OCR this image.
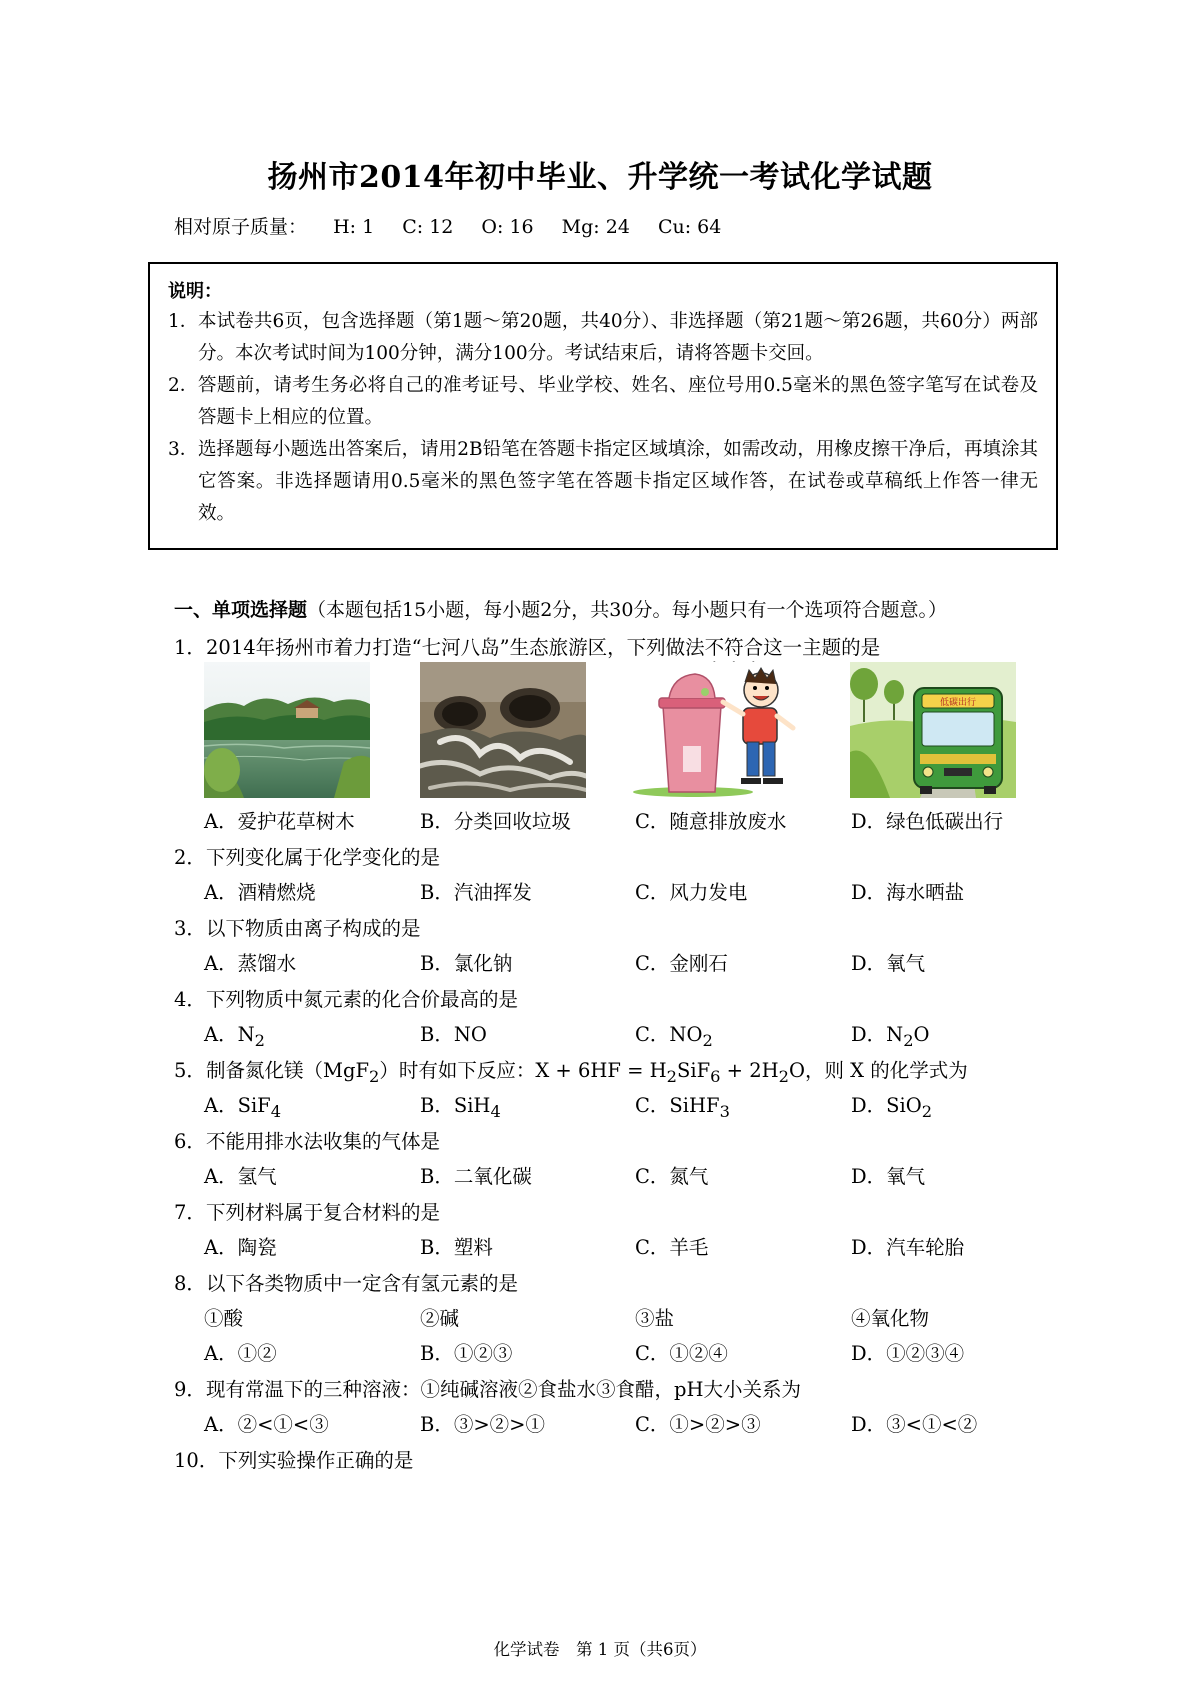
扬州市2014年初中毕业、升学统一考试化学试题
相对原子质量： H: 1 C: 12 O: 16 Mg: 24 Cu: 64
说明：
1． 本试卷共6页，包含选择题（第1题～第20题，共40分）、非选择题（第21题～第26题，共60分）两部分。本次考试时间为100分钟，满分100分。考试结束后，请将答题卡交回。
2． 答题前，请考生务必将自己的准考证号、毕业学校、姓名、座位号用0.5毫米的黑色签字笔写在试卷及答题卡上相应的位置。
3． 选择题每小题选出答案后，请用2B铅笔在答题卡指定区域填涂，如需改动，用橡皮擦干净后，再填涂其它答案。非选择题请用0.5毫米的黑色签字笔在答题卡指定区域作答，在试卷或草稿纸上作答一律无效。
一、单项选择题（本题包括15小题，每小题2分，共30分。每小题只有一个选项符合题意。）
1．2014年扬州市着力打造“七河八岛”生态旅游区，下列做法不符合这一主题的是
低碳出行
A．爱护花草树木	B．分类回收垃圾	C．随意排放废水	D．绿色低碳出行
2．下列变化属于化学变化的是
A．酒精燃烧	B．汽油挥发	C．风力发电	D．海水晒盐
3．以下物质由离子构成的是
A．蒸馏水	B．氯化钠	C．金刚石	D．氧气
4．下列物质中氮元素的化合价最高的是
A．$N_2$	B．NO	C．$NO_2$	D．$N_2O$
5．制备氮化镁（MgF$_2$）时有如下反应：$X + 6HF = H_2SiF_6 + 2H_2O$，则 X 的化学式为
A．SiF$_4$	B．SiH$_4$	C．SiHF$_3$	D．SiO$_2$
6．不能用排水法收集的气体是
A．氢气	B．二氧化碳	C．氮气	D．氧气
7．下列材料属于复合材料的是
A．陶瓷	B．塑料	C．羊毛	D．汽车轮胎
8．以下各类物质中一定含有氢元素的是
①酸	②碱	③盐	④氧化物
A．①②	B．①②③	C．①②④	D．①②③④
9．现有常温下的三种溶液：①纯碱溶液②食盐水③食醋，pH大小关系为
A．②<①<③	B．③>②>①	C．①>②>③	D．③<①<②
10．下列实验操作正确的是
化学试卷　第 1 页（共6页）
